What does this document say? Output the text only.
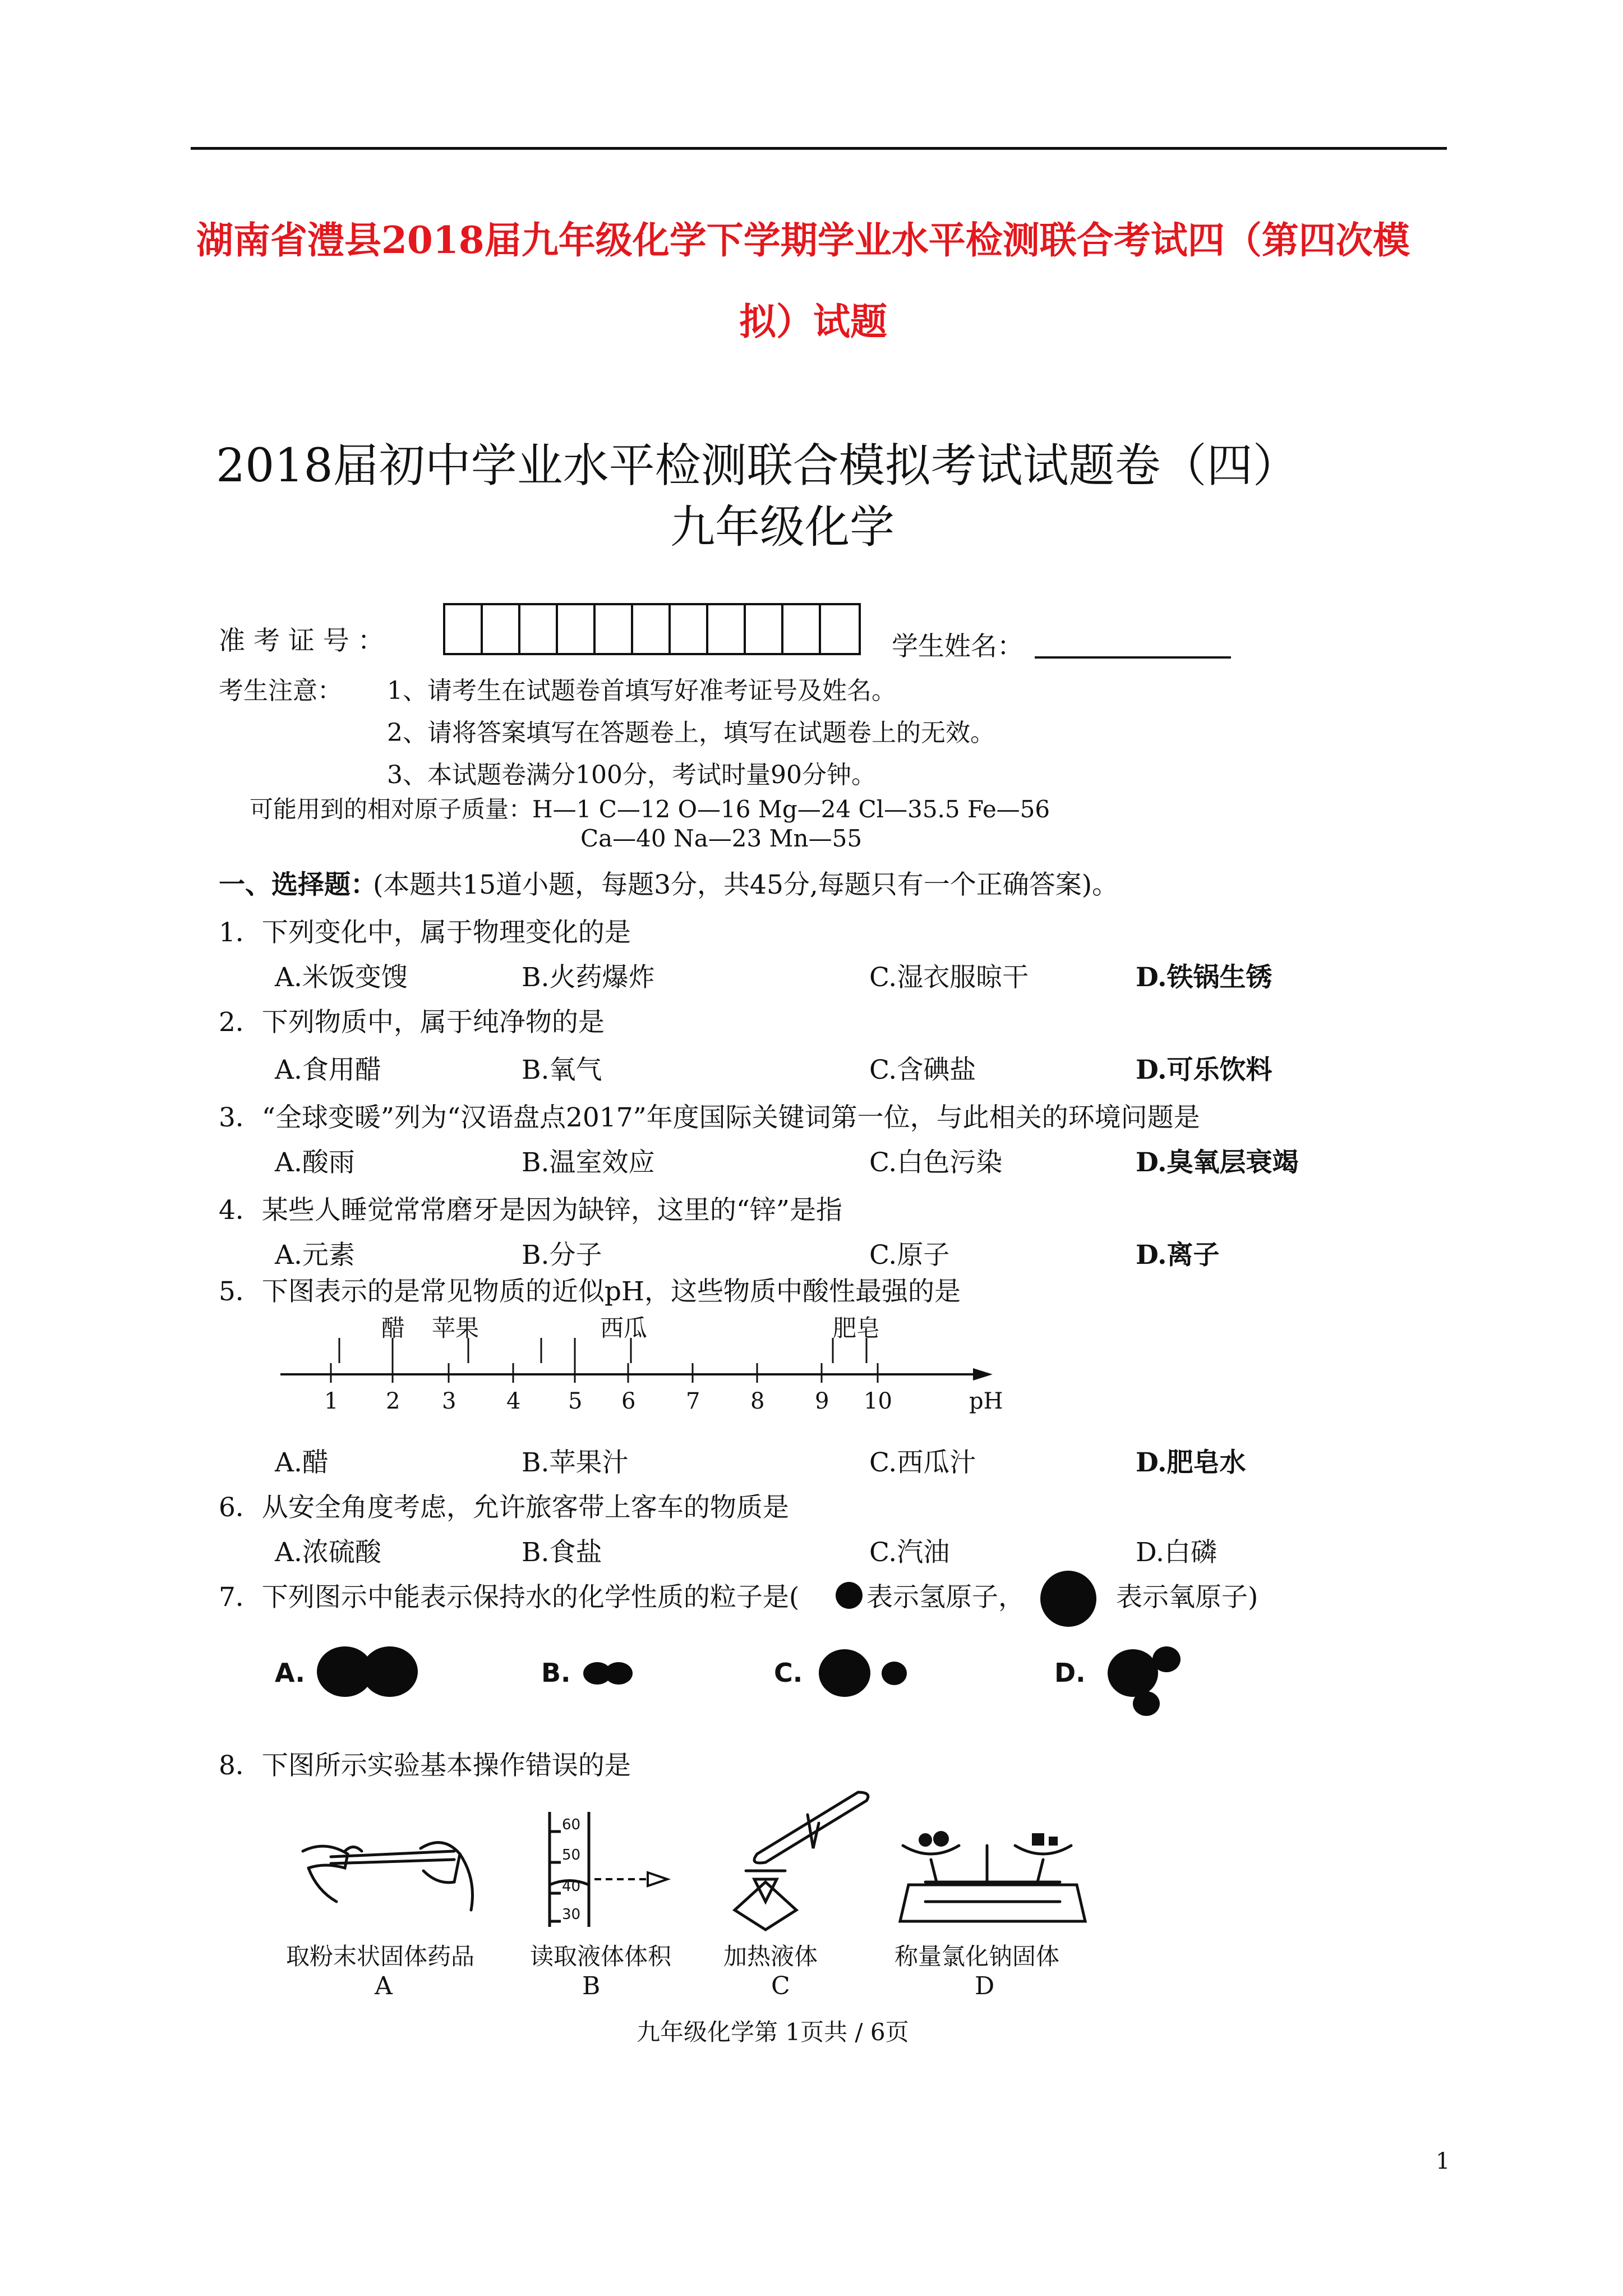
湖南省澧县2018届九年级化学下学期学业水平检测联合考试四（第四次模
拟）试题
2018届初中学业水平检测联合模拟考试试题卷（四）
九年级化学
准 考 证 号 ：	学生姓名：
考生注意： 1、请考生在试题卷首填写好准考证号及姓名。
2、请将答案填写在答题卷上，填写在试题卷上的无效。
3、本试题卷满分100分，考试时量90分钟。
可能用到的相对原子质量：H—1 C—12 O—16 Mg—24 Cl—35.5 Fe—56
Ca—40 Na—23 Mn—55
一、选择题：
(本题共15道小题，每题3分，共45分,每题只有一个正确答案)。
1．下列变化中，属于物理变化的是
A.米饭变馊	B.火药爆炸	C.湿衣服晾干	D.铁锅生锈
2．下列物质中，属于纯净物的是
A.食用醋	B.氧气	C.含碘盐	D.可乐饮料
3．“全球变暖”列为“汉语盘点2017”年度国际关键词第一位，与此相关的环境问题是
A.酸雨	B.温室效应	C.白色污染	D.臭氧层衰竭
4．某些人睡觉常常磨牙是因为缺锌，这里的“锌”是指
A.元素	B.分子	C.原子	D.离子
5．下图表示的是常见物质的近似pH，这些物质中酸性最强的是
醋 苹果	西瓜	肥皂
1 2 3 4 5 6 7 8 9 10	pH
A.醋	B.苹果汁	C.西瓜汁	D.肥皂水
6．从安全角度考虑，允许旅客带上客车的物质是
A.浓硫酸	B.食盐	C.汽油	D.白磷
7．下列图示中能表示保持水的化学性质的粒子是(	表示氢原子，	表示氧原子)
A.	B.	C.	D.
8．下图所示实验基本操作错误的是
60
50
40
30
取粉末状固体药品 读取液体体积 加热液体	称量氯化钠固体
A	B	C	D
九年级化学第 1页共 / 6页
1
